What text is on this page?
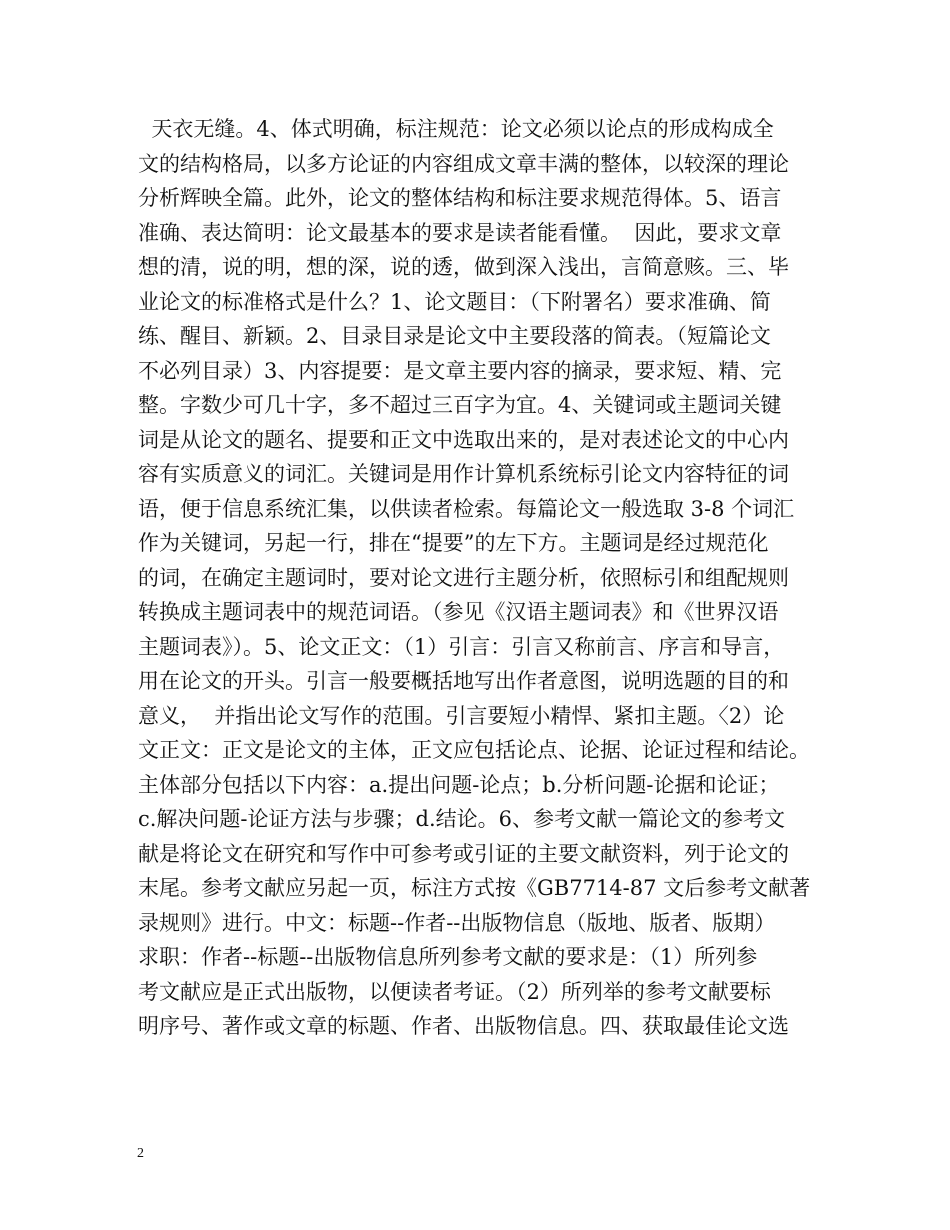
天衣无缝。4、体式明确，标注规范：论文必须以论点的形成构成全
文的结构格局，以多方论证的内容组成文章丰满的整体，以较深的理论
分析辉映全篇。此外，论文的整体结构和标注要求规范得体。5、语言
准确、表达简明：论文最基本的要求是读者能看懂。  因此，要求文章
想的清，说的明，想的深，说的透，做到深入浅出，言简意赅。三、毕
业论文的标准格式是什么？1、论文题目：（下附署名）要求准确、简
练、醒目、新颖。2、目录目录是论文中主要段落的简表。（短篇论文
不必列目录）3、内容提要：是文章主要内容的摘录，要求短、精、完
整。字数少可几十字，多不超过三百字为宜。4、关键词或主题词关键
词是从论文的题名、提要和正文中选取出来的，是对表述论文的中心内
容有实质意义的词汇。关键词是用作计算机系统标引论文内容特征的词
语，便于信息系统汇集，以供读者检索。每篇论文一般选取 3-8 个词汇
作为关键词，另起一行，排在“提要”的左下方。主题词是经过规范化
的词，在确定主题词时，要对论文进行主题分析，依照标引和组配规则
转换成主题词表中的规范词语。（参见《汉语主题词表》和《世界汉语
主题词表》）。5、论文正文：（1）引言：引言又称前言、序言和导言，
用在论文的开头。引言一般要概括地写出作者意图，说明选题的目的和
意义，  并指出论文写作的范围。引言要短小精悍、紧扣主题。〈2）论
文正文：正文是论文的主体，正文应包括论点、论据、论证过程和结论。
主体部分包括以下内容：a.提出问题-论点；b.分析问题-论据和论证；
c.解决问题-论证方法与步骤；d.结论。6、参考文献一篇论文的参考文
献是将论文在研究和写作中可参考或引证的主要文献资料，列于论文的
末尾。参考文献应另起一页，标注方式按《GB7714-87 文后参考文献著
录规则》进行。中文：标题--作者--出版物信息（版地、版者、版期）
求职：作者--标题--出版物信息所列参考文献的要求是：（1）所列参
考文献应是正式出版物，以便读者考证。（2）所列举的参考文献要标
明序号、著作或文章的标题、作者、出版物信息。四、获取最佳论文选
2
